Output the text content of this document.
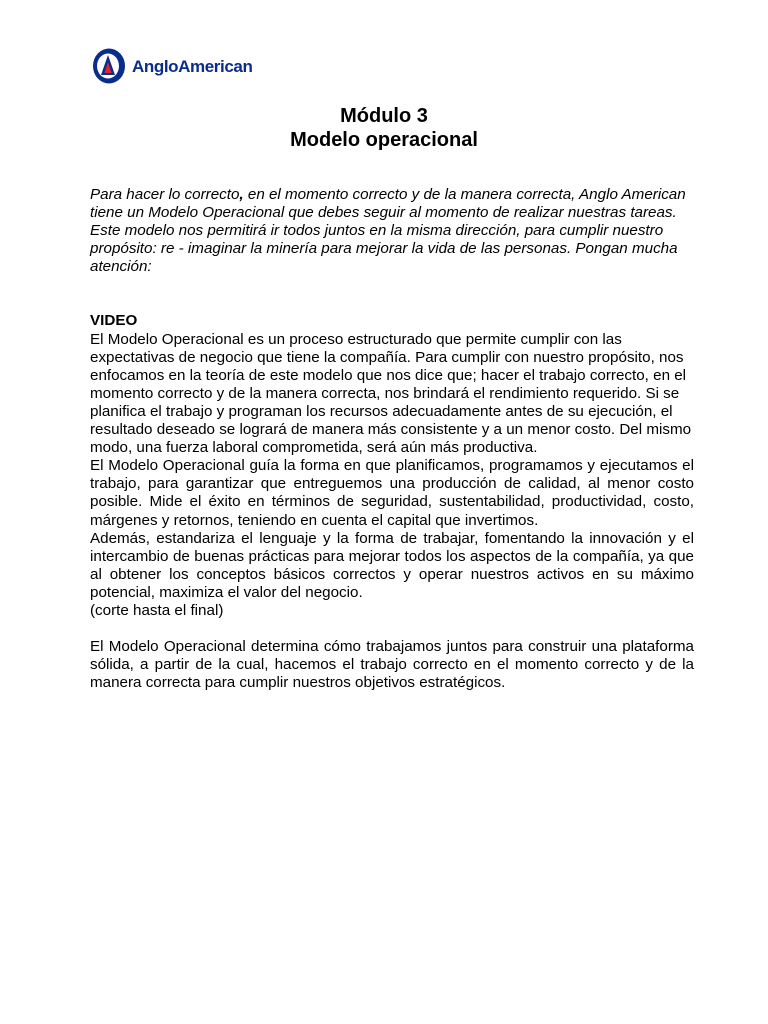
AngloAmerican
Módulo 3
Modelo operacional

Para hacer lo correcto, en el momento correcto y de la manera correcta, Anglo American tiene un Modelo Operacional que debes seguir al momento de realizar nuestras tareas. Este modelo nos permitirá ir todos juntos en la misma dirección, para cumplir nuestro propósito: re - imaginar la minería para mejorar la vida de las personas. Pongan mucha atención:

VIDEO

El Modelo Operacional es un proceso estructurado que permite cumplir con las expectativas de negocio que tiene la compañía. Para cumplir con nuestro propósito, nos enfocamos en la teoría de este modelo que nos dice que; hacer el trabajo correcto, en el momento correcto y de la manera correcta, nos brindará el rendimiento requerido. Si se planifica el trabajo y programan los recursos adecuadamente antes de su ejecución, el resultado deseado se logrará de manera más consistente y a un menor costo. Del mismo modo, una fuerza laboral comprometida, será aún más productiva.

El Modelo Operacional guía la forma en que planificamos, programamos y ejecutamos el trabajo, para garantizar que entreguemos una producción de calidad, al menor costo posible. Mide el éxito en términos de seguridad, sustentabilidad, productividad, costo, márgenes y retornos, teniendo en cuenta el capital que invertimos.

Además, estandariza el lenguaje y la forma de trabajar, fomentando la innovación y el intercambio de buenas prácticas para mejorar todos los aspectos de la compañía, ya que al obtener los conceptos básicos correctos y operar nuestros activos en su máximo potencial, maximiza el valor del negocio.

(corte hasta el final)

El Modelo Operacional determina cómo trabajamos juntos para construir una plataforma sólida, a partir de la cual, hacemos el trabajo correcto en el momento correcto y de la manera correcta para cumplir nuestros objetivos estratégicos.
